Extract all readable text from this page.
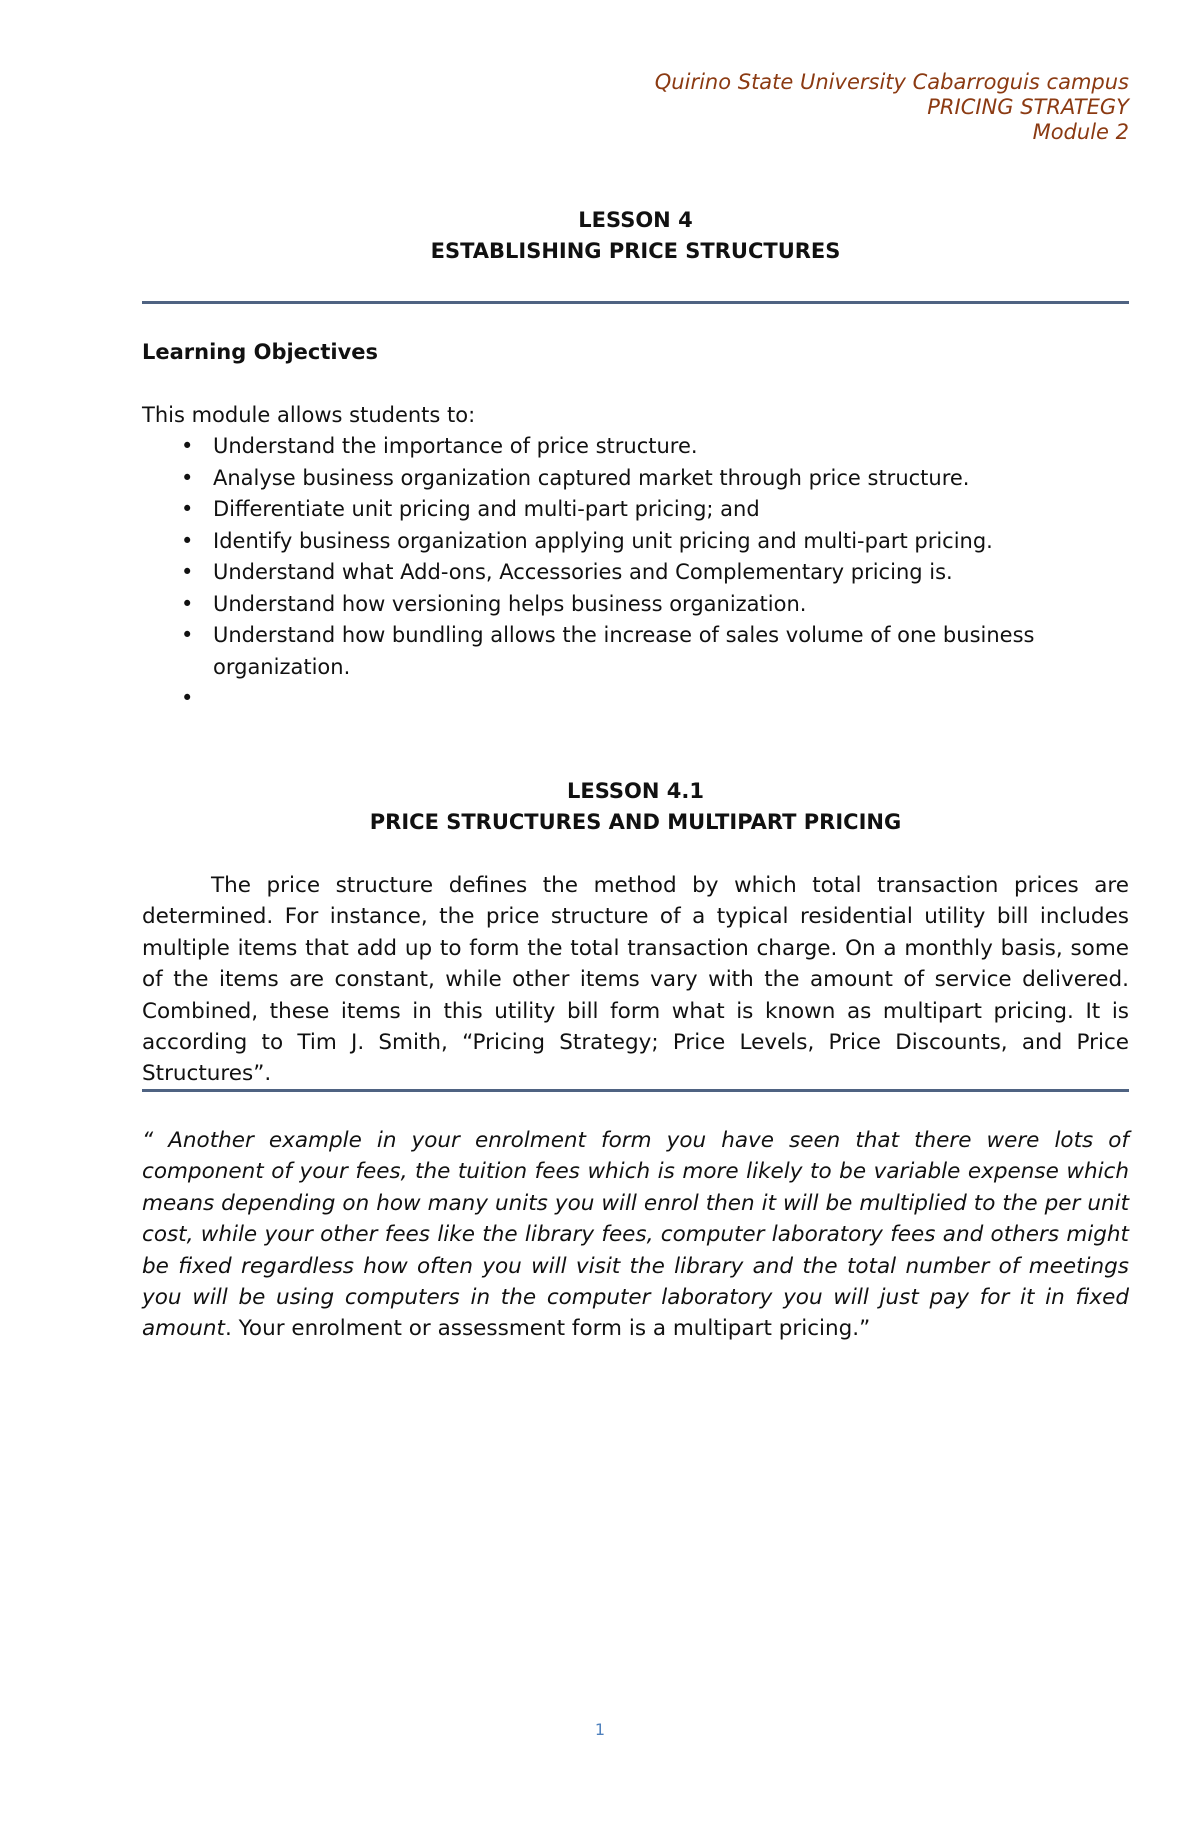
Quirino State University Cabarroguis campus
PRICING STRATEGY
Module 2
LESSON 4
ESTABLISHING PRICE STRUCTURES
Learning Objectives
This module allows students to:
• Understand the importance of price structure.
• Analyse business organization captured market through price structure.
• Differentiate unit pricing and multi-part pricing; and
• Identify business organization applying unit pricing and multi-part pricing.
• Understand what Add-ons, Accessories and Complementary pricing is.
• Understand how versioning helps business organization.
• Understand how bundling allows the increase of sales volume of one business organization.
•
LESSON 4.1
PRICE STRUCTURES AND MULTIPART PRICING
The price structure defines the method by which total transaction prices are determined. For instance, the price structure of a typical residential utility bill includes multiple items that add up to form the total transaction charge. On a monthly basis, some of the items are constant, while other items vary with the amount of service delivered. Combined, these items in this utility bill form what is known as multipart pricing. It is according to Tim J. Smith, “Pricing Strategy; Price Levels, Price Discounts, and Price Structures”.
“ Another example in your enrolment form you have seen that there were lots of component of your fees, the tuition fees which is more likely to be variable expense which means depending on how many units you will enrol then it will be multiplied to the per unit cost, while your other fees like the library fees, computer laboratory fees and others might be fixed regardless how often you will visit the library and the total number of meetings you will be using computers in the computer laboratory you will just pay for it in fixed amount. Your enrolment or assessment form is a multipart pricing.”
1
